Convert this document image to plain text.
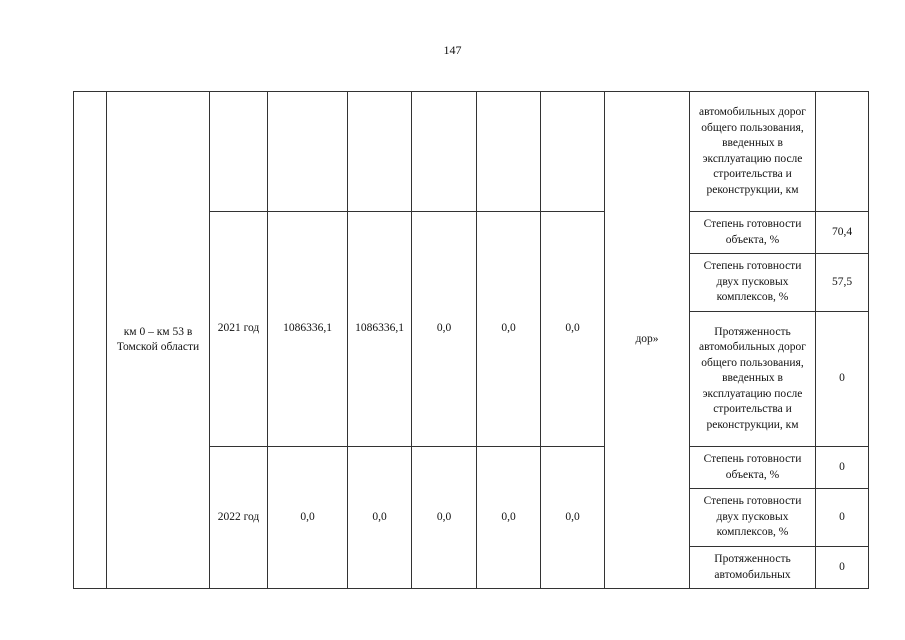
147
	км 0 – км 53 в Томской области							дор»	автомобильных дорог общего пользования, введенных в эксплуатацию после строительства и реконструкции, км	
		2021 год	1086336,1	1086336,1	0,0	0,0	0,0		Степень готовности объекта, %	70,4
									Степень готовности двух пусковых комплексов, %	57,5
									Протяженность автомобильных дорог общего пользования, введенных в эксплуатацию после строительства и реконструкции, км	0
		2022 год	0,0	0,0	0,0	0,0	0,0		Степень готовности объекта, %	0
									Степень готовности двух пусковых комплексов, %	0
									Протяженность автомобильных	0
